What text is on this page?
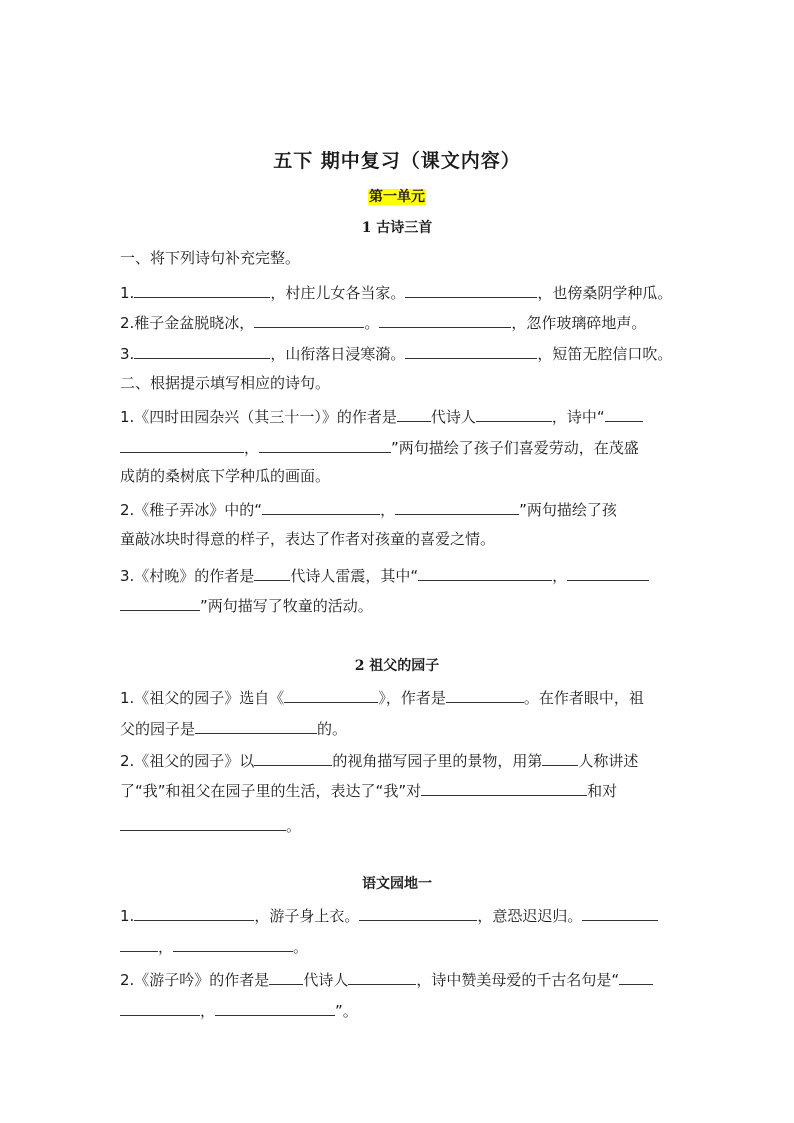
五下 期中复习（课文内容）
第一单元
1 古诗三首
一、将下列诗句补充完整。
1.	，村庄儿女各当家。	，也傍桑阴学种瓜。
2.稚子金盆脱晓冰，	。	，忽作玻璃碎地声。
3.	，山衔落日浸寒漪。	，短笛无腔信口吹。
二、根据提示填写相应的诗句。
1.《四时田园杂兴（其三十一）》的作者是 代诗人	，诗中“
，	”两句描绘了孩子们喜爱劳动，在茂盛
成荫的桑树底下学种瓜的画面。
2.《稚子弄冰》中的“	，	”两句描绘了孩
童敲冰块时得意的样子，表达了作者对孩童的喜爱之情。
3.《村晚》的作者是 代诗人雷震，其中“	，
”两句描写了牧童的活动。
2 祖父的园子
1.《祖父的园子》选自《	》，作者是	。在作者眼中，祖
父的园子是	的。
2.《祖父的园子》以	的视角描写园子里的景物，用第 人称讲述
了“我”和祖父在园子里的生活，表达了“我”对	和对
。
语文园地一
1.	，游子身上衣。	，意恐迟迟归。
，	。
2.《游子吟》的作者是 代诗人	，诗中赞美母爱的千古名句是“
，	”。
